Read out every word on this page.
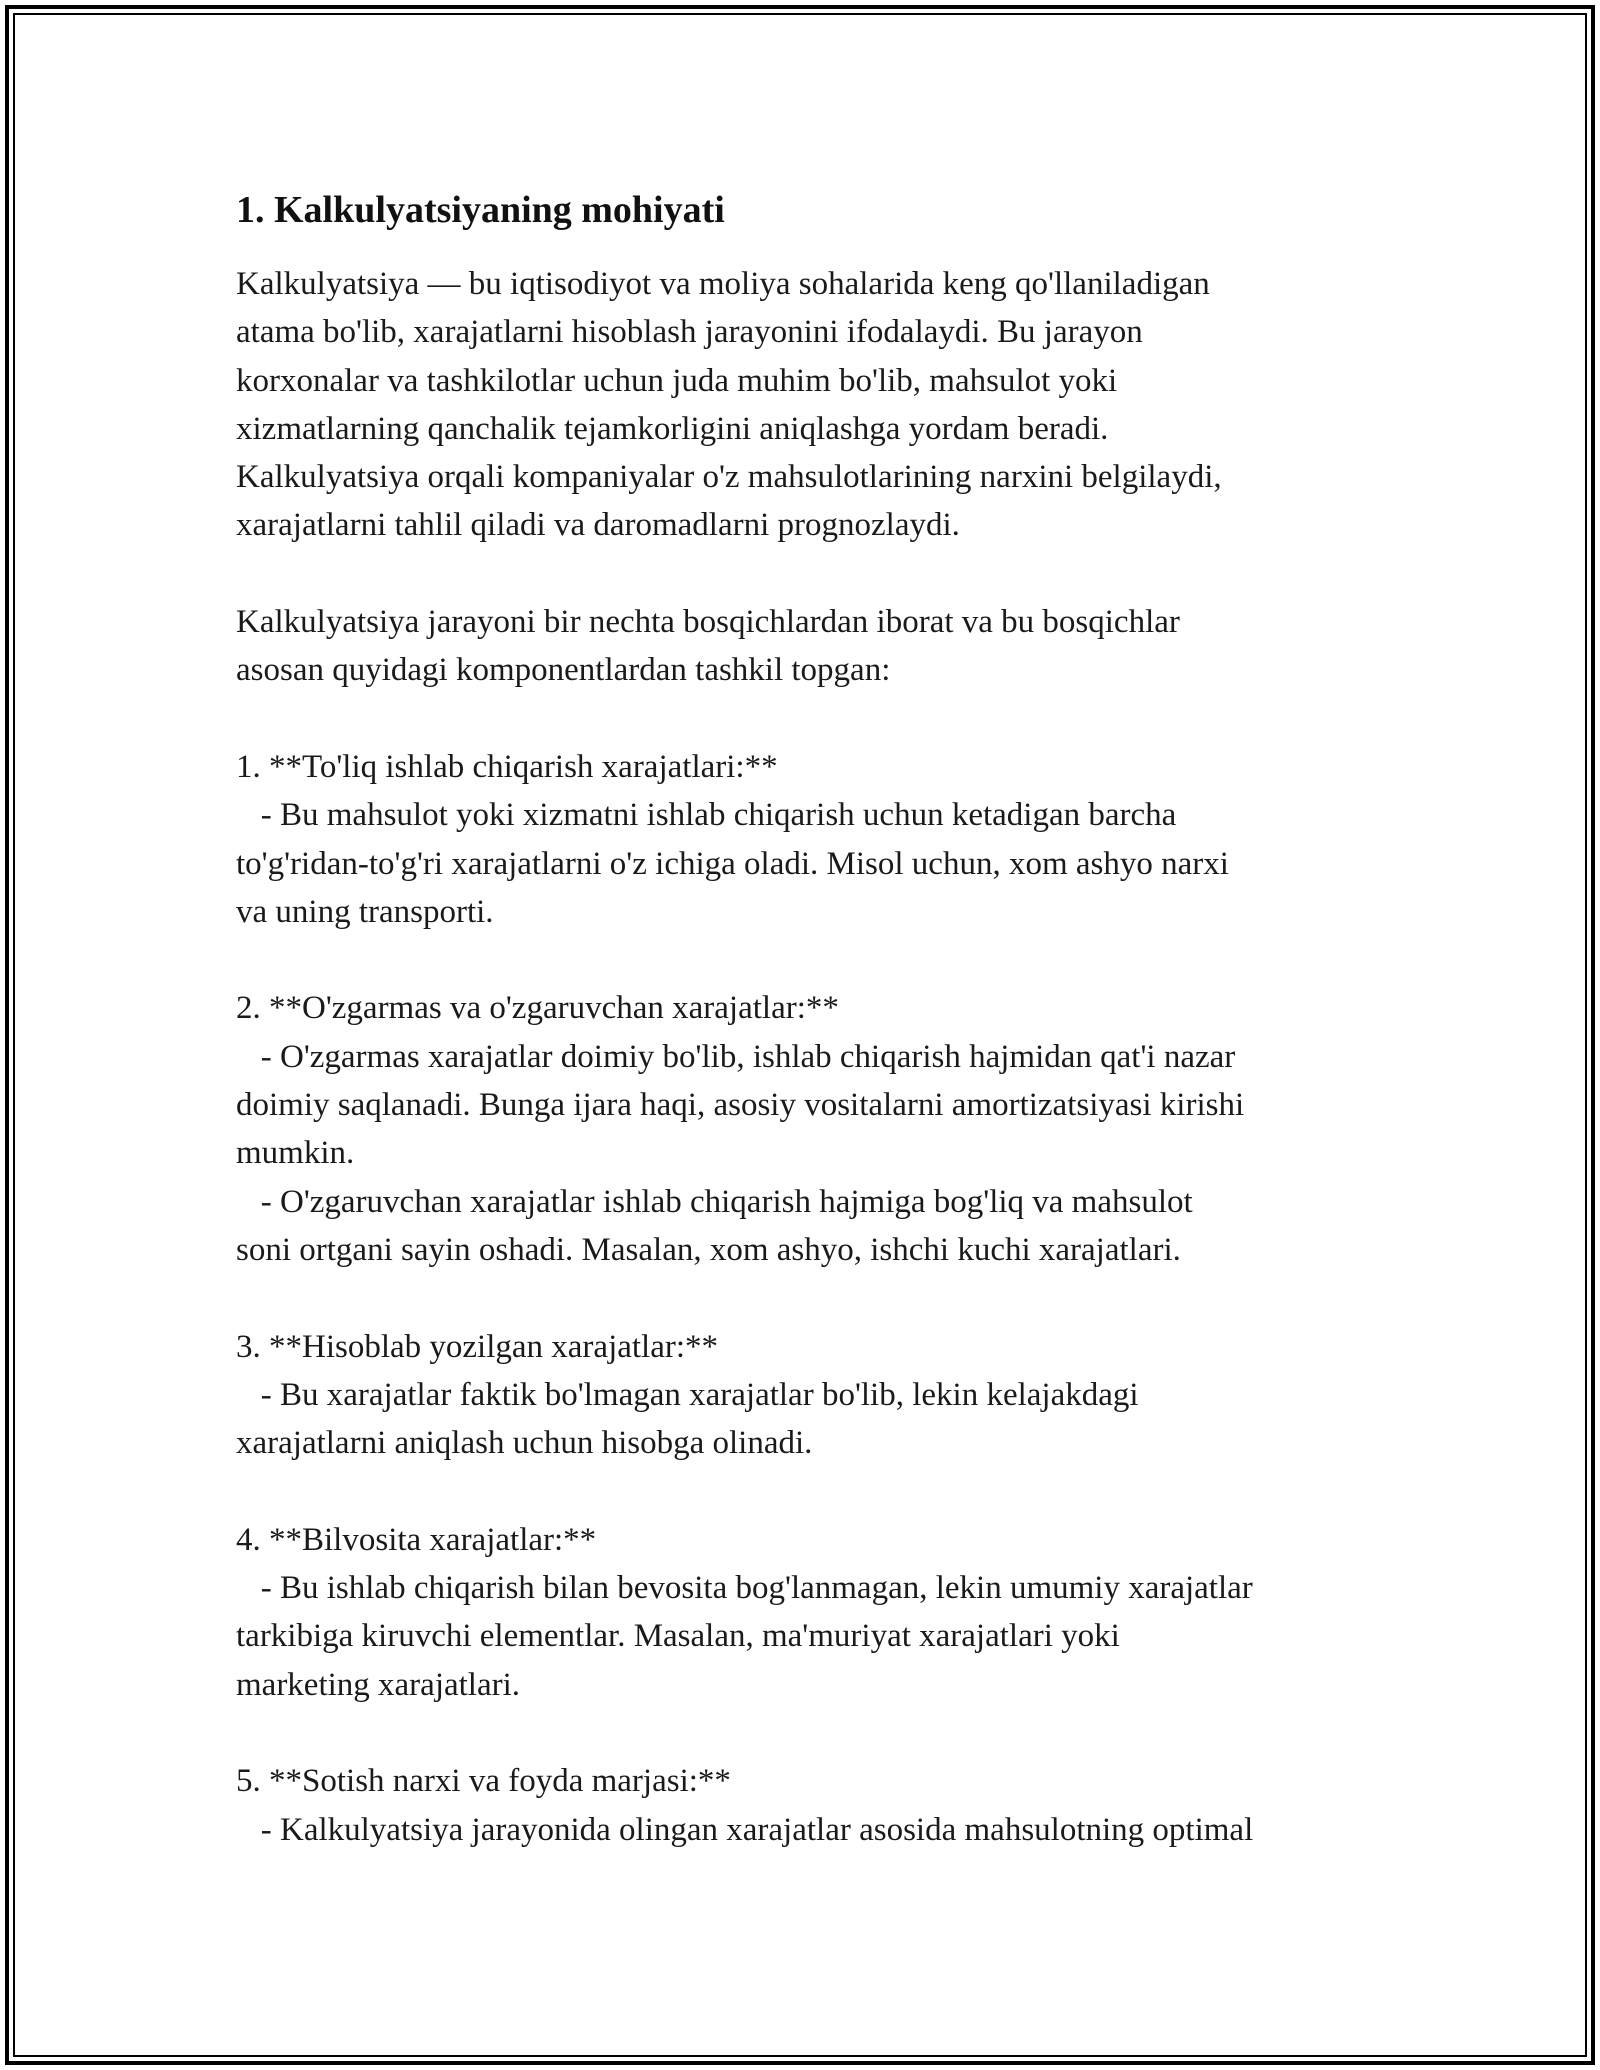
1. Kalkulyatsiyaning mohiyati

Kalkulyatsiya — bu iqtisodiyot va moliya sohalarida keng qo'llaniladigan
atama bo'lib, xarajatlarni hisoblash jarayonini ifodalaydi. Bu jarayon
korxonalar va tashkilotlar uchun juda muhim bo'lib, mahsulot yoki
xizmatlarning qanchalik tejamkorligini aniqlashga yordam beradi.
Kalkulyatsiya orqali kompaniyalar o'z mahsulotlarining narxini belgilaydi,
xarajatlarni tahlil qiladi va daromadlarni prognozlaydi.

Kalkulyatsiya jarayoni bir nechta bosqichlardan iborat va bu bosqichlar
asosan quyidagi komponentlardan tashkil topgan:

1. **To'liq ishlab chiqarish xarajatlari:**

- Bu mahsulot yoki xizmatni ishlab chiqarish uchun ketadigan barcha
to'g'ridan-to'g'ri xarajatlarni o'z ichiga oladi. Misol uchun, xom ashyo narxi
va uning transporti.

2. **O'zgarmas va o'zgaruvchan xarajatlar:**

- O'zgarmas xarajatlar doimiy bo'lib, ishlab chiqarish hajmidan qat'i nazar
doimiy saqlanadi. Bunga ijara haqi, asosiy vositalarni amortizatsiyasi kirishi
mumkin.
- O'zgaruvchan xarajatlar ishlab chiqarish hajmiga bog'liq va mahsulot
soni ortgani sayin oshadi. Masalan, xom ashyo, ishchi kuchi xarajatlari.

3. **Hisoblab yozilgan xarajatlar:**

- Bu xarajatlar faktik bo'lmagan xarajatlar bo'lib, lekin kelajakdagi
xarajatlarni aniqlash uchun hisobga olinadi.

4. **Bilvosita xarajatlar:**

- Bu ishlab chiqarish bilan bevosita bog'lanmagan, lekin umumiy xarajatlar
tarkibiga kiruvchi elementlar. Masalan, ma'muriyat xarajatlari yoki
marketing xarajatlari.

5. **Sotish narxi va foyda marjasi:**

- Kalkulyatsiya jarayonida olingan xarajatlar asosida mahsulotning optimal
